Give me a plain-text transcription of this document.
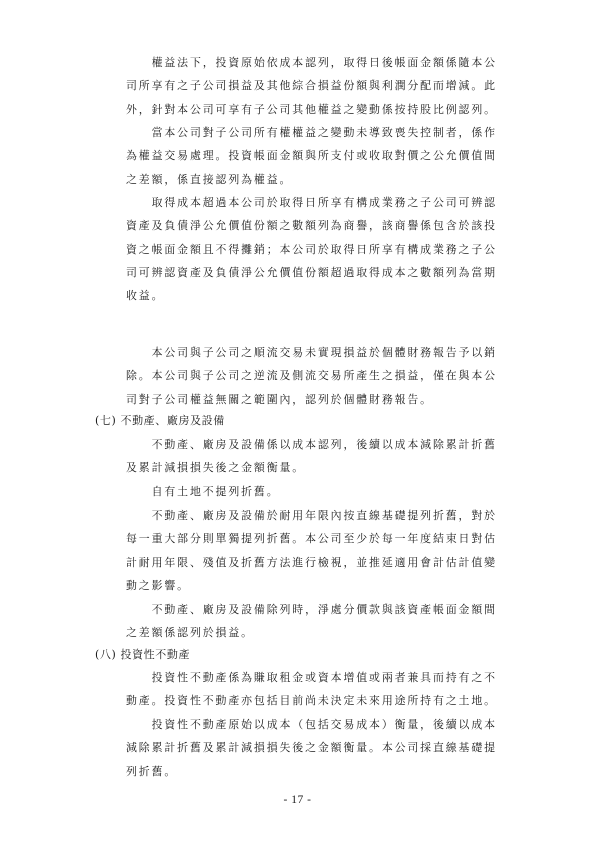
　　權益法下，投資原始依成本認列，取得日後帳面金額係隨本公
司所享有之子公司損益及其他綜合損益份額與利潤分配而增減。此
外，針對本公司可享有子公司其他權益之變動係按持股比例認列。
　　當本公司對子公司所有權權益之變動未導致喪失控制者，係作
為權益交易處理。投資帳面金額與所支付或收取對價之公允價值間
之差額，係直接認列為權益。
　　取得成本超過本公司於取得日所享有構成業務之子公司可辨認
資產及負債淨公允價值份額之數額列為商譽，該商譽係包含於該投
資之帳面金額且不得攤銷；本公司於取得日所享有構成業務之子公
司可辨認資產及負債淨公允價值份額超過取得成本之數額列為當期
收益。
　　本公司與子公司之順流交易未實現損益於個體財務報告予以銷
除。本公司與子公司之逆流及側流交易所產生之損益，僅在與本公
司對子公司權益無關之範圍內，認列於個體財務報告。
(七) 不動產、廠房及設備
　　不動產、廠房及設備係以成本認列，後續以成本減除累計折舊
及累計減損損失後之金額衡量。
　　自有土地不提列折舊。
　　不動產、廠房及設備於耐用年限內按直線基礎提列折舊，對於
每一重大部分則單獨提列折舊。本公司至少於每一年度結束日對估
計耐用年限、殘值及折舊方法進行檢視，並推延適用會計估計值變
動之影響。
　　不動產、廠房及設備除列時，淨處分價款與該資產帳面金額間
之差額係認列於損益。
(八) 投資性不動產
　　投資性不動產係為賺取租金或資本增值或兩者兼具而持有之不
動產。投資性不動產亦包括目前尚未決定未來用途所持有之土地。
　　投資性不動產原始以成本（包括交易成本）衡量，後續以成本
減除累計折舊及累計減損損失後之金額衡量。本公司採直線基礎提
列折舊。
- 17 -
